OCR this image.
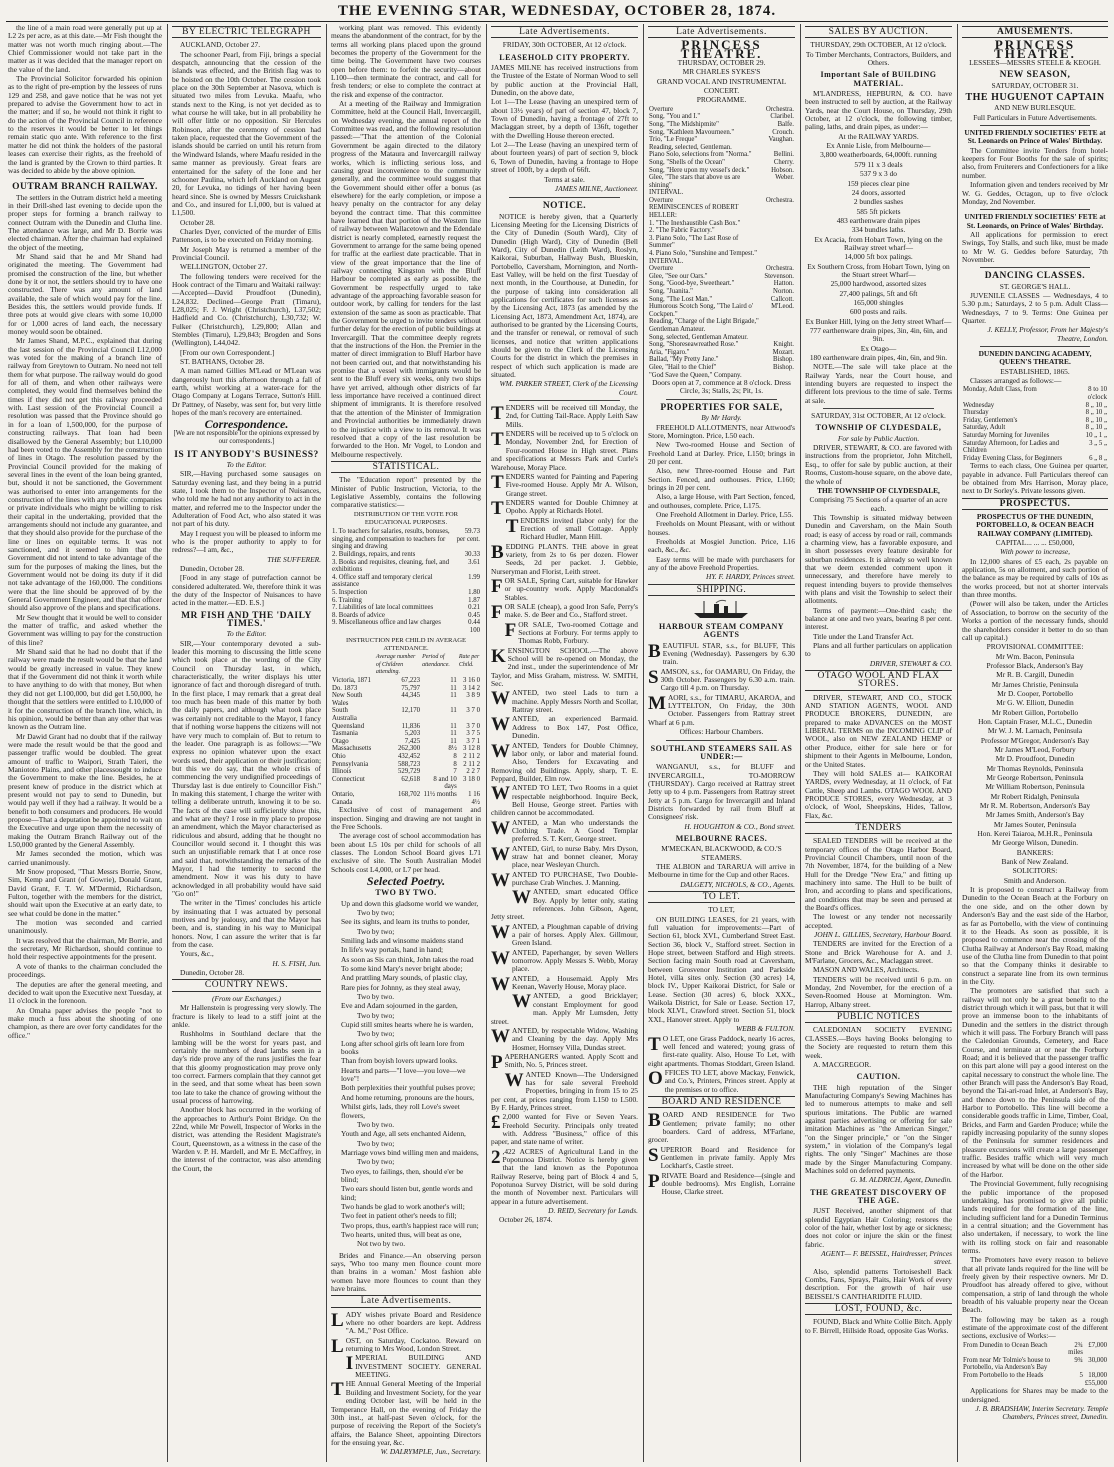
THE EVENING STAR, WEDNESDAY, OCTOBER 28, 1874.

the line of a main road were generally put up at L2 2s per acre, as at this date.—Mr Fish thought the matter was not worth much ringing about.—The Chief Commissioner would not take part in the matter as it was decided that the manager report on the value of the land.

The Provincial Solicitor forwarded his opinion as to the right of pre-emption by the lessees of runs 129 and 258, and gave notice that he was not yet prepared to advise the Government how to act in the matter; and if so, he would not think it right to do the action of the Provincial Council in reference to the reserves it would be better to let things remain static quo ante. With reference to the first matter he did not think the holders of the pastoral leases can exercise their rights, as the freehold of the land is granted by the Crown to third parties. It was decided to abide by the above opinion.

OUTRAM BRANCH RAILWAY.

The settlers in the Outram district held a meeting in their Drill-shed last evening to decide upon the proper steps for forming a branch railway to connect Outram with the Dunedin and Clutha line. The attendance was large, and Mr D. Borrie was elected chairman. After the chairman had explained the object of the meeting,

Mr Shand said that he and Mr Shand had originated the meeting. The Government had promised the construction of the line, but whether done by it or not, the settlers should try to have one constructed. There was any amount of land available, the sale of which would pay for the line. Besides this, the settlers would provide funds. If three pots at would give clears with some 10,000 for or 1,000 acres of land each, the necessary money would soon be obtained.

Mr James Shand, M.P.C., explained that during the last session of the Provincial Council L12,000 was voted for the making of a branch line of railway from Greytown to Outram. No need not tell them for what purpose. The railway would do good for all of them, and when other railways were completed, they would find themselves behind the times if they did not get this railway proceeded with. Last session of the Provincial Council a resolution was passed that the Province should go in for a loan of 1,500,000, for the purpose of constructing railways. That loan had been disallowed by the General Assembly; but L10,000 had been voted to the Assembly for the construction of lines in Otago. The resolution passed by the Provincial Council provided for the making of several lines in the event of the loan being granted, but, should it not be sanctioned, the Government was authorised to enter into arrangements for the construction of the lines with any public companies or private individuals who might be willing to risk their capital in the undertaking, provided that the arrangements should not include any guarantee, and that they should also provide for the purchase of the line or lines on equitable terms. It was not sanctioned, and it seemed to him that the Government did not intend to take advantage of the sum for the purposes of making the lines, but the Government would not be doing its duty if it did not take advantage of the 160,000. The conditions were that the line should be approved of by the General Government Engineer, and that that officer should also approve of the plans and specifications.

Mr Sew thought that it would be well to consider the matter of traffic, and asked whether the Government was willing to pay for the construction of this line?

Mr Shand said that he had no doubt that if the railway were made the result would be that the land would be greatly increased in value. They knew that if the Government did not think it worth while to have anything to do with that money, But when they did not get L100,000, but did get L50,000, he thought that the settlers were entitled to L10,000 of it for the construction of the branch line, which, in his opinion, would be better than any other that was known as the Outram line.

Mr Dawid Grant had no doubt that if the railway were made the result would be that the good and passenger traffic would be doubled. The great amount of traffic to Waipori, Strath Taieri, the Maniototo Plains, and other placessought to induce the Government to make the line. Besides, he at present knew of produce in the district which at present would not pay to send to Dunedin, but would pay well if they had a railway. It would be a benefit to both consumers and producers. He would propose—That a deputation be appointed to wait on the Executive and urge upon them the necessity of making the Outram Branch Railway out of the L50,000 granted by the General Assembly.

Mr James seconded the motion, which was carried unanimously.

Mr Snow proposed, "That Messrs Borrie, Snow, Sim, Kemp and Grant (of Gowrie), Donald Grant, David Grant, F. T. W. M'Dermid, Richardson, Fulton, together with the members for the district, should wait upon the Executive at an early date, to see what could be done in the matter."

The motion was seconded and carried unanimously.

It was resolved that the chairman, Mr Borrie, and the secretary, Mr Richardson, should continue to hold their respective appointments for the present.

A vote of thanks to the chairman concluded the proceedings.

The deputies are after the general meeting, and decided to wait upon the Executive next Tuesday, at 11 o'clock in the forenoon.

An Omaha paper advises the people "not to make much a fuss about the shooting of one champion, as there are over forty candidates for the office."

BY ELECTRIC TELEGRAPH

AUCKLAND, October 27.

The schooner Pearl, from Fiji, brings a special despatch, announcing that the cession of the islands was effected, and the British flag was to be hoisted on the 10th October. The cession took place on the 30th September at Nasova, which is situated two miles from Levuka. Maafu, who stands next to the King, is not yet decided as to what course he will take, but in all probability he will offer little or no opposition. Sir Hercules Robinson, after the ceremony of cession had taken place, requested that the Government of the islands should be carried on until his return from the Windward Islands, where Maafu resided in the same manner as previously. Great fears are entertained for the safety of the Ione and her schooner Paulina, which left Auckland on August 20, for Levuka, no tidings of her having been heard since. She is owned by Messrs Cruickshank and Co., and insured for L1,000, but is valued at L1,500.

October 28.

Charles Dyer, convicted of the murder of Ellis Pattenson, is to be executed on Friday morning.

Mr Joseph May is returned a member of the Provincial Council.

WELLINGTON, October 27.

The following tenders were received for the Hook contract of the Timaru and Waitaki railway:—Accepted—David Proudfoot (Dunedin), L24,832. Declined—George Pratt (Timaru), L28,025; F. J. Wright (Christchurch), L37,502; Hadfield and Co. (Christchurch), L30,732; W. Fulker (Christchurch), L29,800; Allan and Stembles (Timaru), L29,843; Brogden and Sons (Wellington), L44,042.

[From our own Correspondent.]

ST. BATHANS, October 28.

A man named Gillies M'Lead or M'Lean was dangerously hurt this afternoon through a fall of earth, whilst working at a water-race for the Otago Company at Logans Terrace, Sutton's Hill. Dr Pattney, of Naseby, was sent for, but very little hopes of the man's recovery are entertained.

Correspondence.

[We are not responsible for the opinions expressed by our correspondents.]

IS IT ANYBODY'S BUSINESS?

To the Editor.

SIR,—Having purchased some sausages on Saturday evening last, and they being in a putrid state, I took them to the Inspector of Nuisances, who told me he had not any authority to act in the matter, and referred me to the Inspector under the Adulteration of Food Act, who also stated it was not part of his duty.

May I request you will be pleased to inform me who is the proper authority to apply to for redress?—I am, &c.,

THE SUFFERER.

Dunedin, October 28.

[Food in any stage of putrefaction cannot be considered adulterated. We, therefore think it was the duty of the Inspector of Nuisances to have acted in the matter.—ED. E.S.]

MR FISH AND THE 'DAILY TIMES.'

To the Editor.

SIR,—Your contemporary devoted a sub-leader this morning to discussing the little scene which took place at the wording of the City Council on Thursday last, in which, characteristically, the writer displays his utter ignorance of fact and thorough disregard of truth. In the first place, I may remark that a great deal too much has been made of this matter by both the daily papers, and although what took place was certainly not creditable to the Mayor, I fancy that if nothing worse happens the citizens will not have very much to complain of. But to return to the leader. One paragraph is as follows:—"We express no opinion whatever upon the exact words used, their application or their justification; but this we do say, that the whole crisis of commencing the very undignified proceedings of Thursday last is due entirely to Councillor Fish." In making this statement, I charge the writer with telling a deliberate untruth, knowing it to be so. The facts of the case will sufficiently show this, and what are they? I rose in my place to propose an amendment, which the Mayor characterised as ridiculous and absurd, adding that he thought no Councillor would second it. I thought this was such an unjustifiable remark that I at once rose and said that, notwithstanding the remarks of the Mayor, I had the temerity to second the amendment. Now it was his duty to have acknowledged in all probability would have said "Go on!"

The writer in the 'Times' concludes his article by insinuating that I was actuated by personal motives and by jealousy, and that the Mayor has been, and is, standing in his way to Municipal honors. Now, I can assure the writer that is far from the case.

Yours, &c.,

H. S. FISH, Jun.

Dunedin, October 28.

COUNTRY NEWS.

(From our Exchanges.)

Mr Hallenstein is progressing very slowly. The fracture is likely to lead to a stiff joint at the ankle.

Rushholms in Southland declare that the lambing will be the worst for years past, and certainly the numbers of dead lambs seen in a day's ride prove any of the runs justifies the fear that this gloomy prognostication may prove only too correct. Farmers complain that they cannot get in the seed, and that some wheat has been sown too late to take the chance of growing without the usual process of harrowing.

Another block has occurred in the working of the approaches to Arthur's Point Bridge. On the 22nd, while Mr Powell, Inspector of Works in the district, was attending the Resident Magistrate's Court, Queenstown, as a witness in the case of the Warden v. P. H. Mardell, and Mr E. McCaffrey, in the interest of the contractor, was also attending the Court, the

working plant was removed. This evidently means the abandonment of the contract, for by the terms all working plans placed upon the ground becomes the property of the Government for the time being. The Government have two courses open before them: to forfeit the security—about L100—then terminate the contract, and call for fresh tenders; or else to complete the contract at the risk and expense of the contractor.

At a meeting of the Railway and Immigration Committee, held at the Council Hall, Invercargill, on Wednesday evening, the annual report of the Committee was read, and the following resolution passed:—"That the attention of the Colonial Government be again directed to the dilatory progress of the Mataura and Invercargill railway works, which is inflicting serious loss, and causing great inconvenience to the community generally, and the committee would suggest that the Government should either offer a bonus (as elsewhere) for the early completion, or impose a heavy penalty on the contractor for any delay beyond the contract time. That this committee have learned that that portion of the Western line of railway between Wallacetown and the Edendale district is nearly completed, earnestly request the Government to arrange for the same being opened for traffic at the earliest date practicable. That in view of the great importance that the line of railway connecting Kingston with the Bluff Harbour be completed as early as possible, the Government be respectfully urged to take advantage of the approaching favorable season for outdoor work, by calling for tenders for the last extension of the same as soon as practicable. That the Government be urged to invite tenders without further delay for the erection of public buildings at Invercargill. That the committee deeply regrets that the instructions of the Hon. the Premier in the matter of direct immigration to Bluff Harbor have not been carried out, and that notwithstanding his promise that a vessel with immigrants would be sent to the Bluff every six weeks, only two ships have yet arrived, although other districts of far less importance have received a continued direct shipment of immigrants. It is therefore resolved that the attention of the Minister of Immigration and Provincial authorities be immediately drawn to the injustice with a view to its removal. It was resolved that a copy of the last resolution be forwarded to the Hon. Mr Vogel, to London and Melbourne respectively.

STATISTICAL.

The "Education report" presented by the Minister of Public Instruction, Victoria, to the Legislative Assembly, contains the following comparative statistics:—

DISTRIBUTION OF THE VOTE FOR EDUCATIONAL PURPOSES.

1. To teachers for salaries, results, bonuses, singing, and compensation to teachers for singing and drawing	59.73 per cent.
2. Buildings, repairs, and rents	30.33
3. Books and requisites, cleaning, fuel, and exhibitions	3.61
4. Office staff and temporary clerical assistance	1.99
5. Inspection	1.80
6. Training	1.87
7. Liabilities of late local committees	0.21
8. Boards of advice	0.45
9. Miscellaneous office and law charges	0.44
	100

INSTRUCTION PER CHILD IN AVERAGE ATTENDANCE.

	Average number of Children attending.	Period of attendance.	Rate per Child.
Victoria, 1871	67,223	11	3 16 0
Do. 1873	75,797	11	3 14 2
New South Wales	44,345	11	3 8 9
South Australia	12,170	11	3 7 0
Queensland	11,836	11	3 7 0
Tasmania	5,203	11	3 7 5
Otago	7,425	11	3 7 1
Massachusetts	262,300	8½	3 12 8
Ohio	432,452	8	2 11 2
Pennsylvania	588,723	8	2 11 2
Illinois	529,729	7	2 2 7
Connecticut	62,618	8 and 10 days	3 18 0
Ontario, Canada	168,702	11½ months	1 16 4½

Exclusive of cost of management and inspection. Singing and drawing are not taught in the Free Schools.

The average cost of school accommodation has been about L5 10s per child for schools of all classes. The London School Board gives L71 exclusive of site. The South Australian Model Schools cost L4,000, or L7 per head.

Selected Poetry.
TWO BY TWO.

Up and down this gladsome world we wander,

Two by two;

See its sights, and learn its truths to ponder,

Two by two;

Smiling lads and winsome maidens stand

In life's way portals, hand in hand;

As soon as Sis can think, John takes the road

To some kind Mary's never bright abode;

And prattling Mary sounds, of plastic clay,

Rare pies for Johnny, as they steal away,

Two by two.

Eve and Adam sojourned in the garden,

Two by two;

Cupid still smites hearts where he is warden,

Two by two;

Long after school girls oft learn lore from books

Than from boyish lovers upward looks.

Hearts and parts—"I love—you love—we love"!

Both perplexities their youthful pulses prove;

And home returning, pronouns are the hours,

Whilst girls, lads, they roll Love's sweet flowers,

Two by two.

Youth and Age, all sets enchanted Aidenn,

Two by two;

Marriage vows bind willing men and maidens,

Two by two;

Two eyes, to failings, then, should e'er be blind;

Two ears should listen but, gentle words and kind;

Two hands be glad to work another's will;

Two feet in patient other's needs to fill;

Two props, thus, earth's happiest race will run;

Two hearts, united thus, will beat as one,

Not two by two.

Brides and Finance.—An observing person says, 'Who too many men flounce count more than brains in a woman.' Most fashion able women have more flounces to count than they have brains.

Late Advertisements.

LADY wishes private Board and Residence where no other boarders are kept. Address "A. M.," Post Office.

LOST, on Saturday, Cockatoo. Reward on returning to Mrs Wood, London Street.

IMPERIAL BUILDING AND INVESTMENT SOCIETY. GENERAL MEETING.

THE Annual General Meeting of the Imperial Building and Investment Society, for the year ending October last, will be held in the Temperance Hall, on the evening of Friday the 30th inst., at half-past Seven o'clock, for the purpose of receiving the Report of the Society's affairs, the Balance Sheet, appointing Directors for the ensuing year, &c.

W. DALRYMPLE, Jun., Secretary.

Late Advertisements.

FRIDAY, 30th OCTOBER, At 12 o'clock.

LEASEHOLD CITY PROPERTY.

JAMES MILNE has received instructions from the Trustee of the Estate of Norman Wood to sell by public auction at the Provincial Hall, Dunedin, on the above date,

Lot 1—The Lease (having an unexpired term of about 13½ years) of part of section 47, block 7, Town of Dunedin, having a frontage of 27ft to Maclaggan street, by a depth of 136ft, together with the Dwelling House thereon erected.

Lot 2—The Lease (having an unexpired term of about fourteen years) of part of section 9, block 6, Town of Dunedin, having a frontage to Hope street of 100ft, by a depth of 66ft.

Terms at sale.

JAMES MILNE, Auctioneer.

NOTICE.

NOTICE is hereby given, that a Quarterly Licensing Meeting for the Licensing Districts of the City of Dunedin (South Ward), City of Dunedin (High Ward), City of Dunedin (Bell Ward), City of Dunedin (Leith Ward), Roslyn, Kaikorai, Suburban, Hallway Bush, Blueskin, Portobello, Caversham, Mornington, and North-East Valley, will be held on the first Tuesday of next month, in the Courthouse, at Dunedin, for the purpose of taking into consideration all applications for certificates for such licenses as by the Licensing Act, 1873 (as amended by the Licensing Act, 1873, Amendment Act, 1874), are authorised to be granted by the Licensing Courts, and the transfer or renewal, or removal of such licenses, and notice that written applications should be given to the Clerk of the Licensing Courts for the district in which the premises in respect of which such application is made are situated.

WM. PARKER STREET, Clerk of the Licensing Court.

TENDERS will be received till Monday, the 2nd, for Cutting Tail-Race. Apply Leith Saw Mills.

TENDERS will be received up to 5 o'clock on Monday, November 2nd, for Erection of Four-roomed House in High street. Plans and specifications at Messrs Park and Curle's Warehouse, Moray Place.

TENDERS wanted for Painting and Papering Five-roomed House. Apply Mr A. Wilson, Grange street.

TENDERS wanted for Double Chimney at Opoho. Apply at Richards Hotel.

TENDERS invited (labor only) for the Erection of small Cottage. Apply Richard Hudler, Mann Hill.

BEDDING PLANTS. THE above in great variety, from 2s to 6s per dozen. Flower Seeds, 2d per packet. J. Gebbie, Nurseryman and Florist, Leith street.

FOR SALE, Spring Cart, suitable for Hawker or up-country work. Apply Macdonald's Stables.

FOR SALE (cheap), a good Iron Safe, Perry's make. S. de Beer and Co., Stafford street.

FOR SALE, Two-roomed Cottage and Sections at Forbury. For terms apply to Thomas Robb, Forbury.

KENSINGTON SCHOOL.—The above School will be re-opened on Monday, the 2nd inst., under the superintendence of Mr Taylor, and Miss Graham, mistress. W. SMITH, Sec.

WANTED, two steel Lads to turn a machine. Apply Messrs North and Scollar, Rattray street.

WANTED, an experienced Barmaid. Address to Box 147, Post Office, Dunedin.

WANTED, Tenders for Double Chimney, labor only, or labor and material found. Also, Tenders for Excavating and Removing old Buildings. Apply, sharp, T. E. Peppard, Builder, Elm row.

WANTED TO LET, Two Rooms in a quiet respectable neighborhood. Inquire Beck, Bell House, George street. Parties with children cannot be accommodated.

WANTED, a Man who understands the Clothing Trade. A Good Templar preferred. S. T. Kerr, George street.

WANTED, Girl, to nurse Baby. Mrs Dyson, straw hat and bonnet cleaner, Moray place, near Wesleyan Church.

WANTED TO PURCHASE, Two Double-purchase Crab Winches. J. Manning.

WANTED, smart educated Office Boy. Apply by letter only, stating references. John Gibson, Agent, Jetty street.

WANTED, a Ploughman capable of driving a pair of horses. Apply Alex. Gillmour, Green Island.

WANTED, Paperhanger, by seven Wellers tomorrow. Apply Messrs S. Webb, Moray place.

WANTED, a Housemaid. Apply Mrs Keenan, Waverly House, Moray place.

WANTED, a good Bricklayer; constant Employment for good man. Apply Mr Lumsden, Jetty street.

WANTED, by respectable Widow, Washing and Cleaning by the day. Apply Mrs Hosmer, Hornsey Villa, Dundas street.

PAPERHANGERS wanted. Apply Scott and Smith, No. 5, Princes street.

WANTED Known—The Undersigned has for sale several Freehold Properties, bringing in from 15 to 25 per cent, at prices ranging from L150 to L500. By F. Hardy, Princes street.

£ 2,000 wanted for Five or Seven Years. Freehold Security. Principals only treated with. Address "Business," office of this paper, and state name of writer.

2 ,422 ACRES of Agricultural Land in the Popotunoa District. Notice is hereby given that the land known as the Popotunoa Railway Reserve, being part of Block 4 and 5, Popotunoa Survey District, will be sold during the month of November next. Particulars will appear in a future advertisement.

D. REID, Secretary for Lands.

October 26, 1874.

Late Advertisements.
PRINCESS THEATRE.

THURSDAY, OCTOBER 29.

MR CHARLES SYKES'S

GRAND VOCAL AND INSTRUMENTAL

CONCERT.

PROGRAMME.

Overture	Orchestra.
Song, "You and I."	Claribel.
Song, "The Midshipmite"	Balfe.
Song, "Kathleen Mavourneen."	Crouch.
Trio, "Le Freque"	Vaughan.
Reading, selected, Gentleman.	
Piano Solo, selections from "Norma."	Bellini.
Song, "Shells of the Ocean"	Cherry.
Song, "Here upon my vessel's deck."	Hobson.
Glee, "The stars that above us are shining"	Weber.
INTERVAL.	
Overture	Orchestra.
REMINISCENCES of ROBERT HELLER:	
1. "The Inexhaustible Cash Box."	
2. "The Fabric Factory."	
3. Piano Solo, "The Last Rose of Summer"	
4. Piano Solo, "Sunshine and Tempest."	
INTERVAL.	
Overture	Orchestra.
Glee, "See our Oars."	Stevenson.
Song, "Good-bye, Sweetheart."	Hatton.
Song, "Juanita."	Norton.
Song, "The Lost Man."	Callcott.
Humorous Scotch Song, "The Laird o' Cockpen."	M'Leod.
Reading, "Charge of the Light Brigade," Gentleman Amateur.	
Song, selected, Gentleman Amateur.	
Song, "Shoreseawreathed Rose."	Knight.
Aria, "Figaro."	Mozart.
Ballad, "My Pretty Jane."	Bishop.
Glee, "Hail to the Chief"	Bishop.
"God Save the Queen," Company.	

Doors open at 7, commence at 8 o'clock. Dress Circle, 3s; Stalls, 2s; Pit, 1s.

PROPERTIES FOR SALE,

By Mr Hardy.

FREEHOLD ALLOTMENTS, near Attwood's Store, Mornington. Price, L50 each.

New Two-roomed House and Section of Freehold Land at Darley. Price, L150; brings in 20 per cent.

Also, new Three-roomed House and Part Section. Fenced, and outhouses. Price, L160; brings in 20 per cent.

Also, a large House, with Part Section, fenced, and outhouses, complete. Price, L175.

One Freehold Allotment in Darley. Price, L55.

Freeholds on Mount Pleasant, with or without houses.

Freeholds at Mosgiel Junction. Price, L16 each, &c., &c.

Easy terms will be made with purchasers for any of the above Freehold Properties.

HY. F. HARDY, Princes street.

SHIPPING.
HARBOUR STEAM COMPANY AGENTS

BEAUTIFUL STAR, s.s., for BLUFF, This Evening (Wednesday). Passengers by 6.30 train.

SAMSON, s.s., for OAMARU, On Friday, the 30th October. Passengers by 6.30 a.m. train. Cargo till 4 p.m. on Thursday.

MAORI, s.s., for TIMARU, AKAROA, and LYTTELTON, On Friday, the 30th October. Passengers from Rattray street Wharf at 6 p.m.

Offices: Harbour Chambers.

SOUTHLAND STEAMERS SAIL AS UNDER:—

WANGANUI, s.s., for BLUFF and INVERCARGILL, TO-MORROW (THURSDAY). Cargo received at Rattray street Jetty up to 4 p.m. Passengers from Rattray street Jetty at 5 p.m. Cargo for Invercargill and Inland Districts forwarded by rail from Bluff at Consignees' risk.

H. HOUGHTON & CO., Bond street.

MELBOURNE RACES.

M'MECKAN, BLACKWOOD, & CO.'S STEAMERS.

THE ALBION and TARARUA will arrive in Melbourne in time for the Cup and other Races.

DALGETY, NICHOLS, & CO., Agents.

TO LET.

TO LET,

ON BUILDING LEASES, for 21 years, with full valuation for improvements:—Part of Section 61, block XVI., Cumberland Street East. Section 36, block V., Stafford street. Section in Hope street, between Stafford and High streets. Section facing main South road at Caversham, between Grosvenor Institution and Parkside Hotel, villa sites only. Section (30 acres) 14, block IV., Upper Kaikorai District, for Sale or Lease. Section (30 acres) 6, block XXX., Waikola District, for Sale or Lease. Section 17, block XLVI., Crawford street. Section 51, block XXI., Hanover street. Apply to

WEBB & FULTON.

T O LET, one Grass Paddock, nearly 16 acres, well fenced and watered; young grass of first-rate quality. Also, House To Let, with eight apartments. Thomas Stoddart, Green Island.

OFFICES TO LET, above Mackay, Fenwick, and Co.'s, Printers, Princes street. Apply at the premises or to office.

BOARD AND RESIDENCE

BOARD AND RESIDENCE for Two Gentlemen; private family; no other boarders. Card of address, M'Farlane, grocer.

SUPERIOR Board and Residence for Gentlemen in private family. Apply Mrs Lockhart's, Castle street.

PRIVATE Board and Residence—(single and double bedrooms). Mrs English, Lorraine House, Clarke street.

SALES BY AUCTION.

THURSDAY, 29th OCTOBER, At 12 o'clock.

To Timber Merchants, Contractors, Builders, and Others.

Important Sale of BUILDING MATERIAL.

M'LANDRESS, HEPBURN, & CO. have been instructed to sell by auction, at the Railway Yards, near the Court House, on Thursday, 29th October, at 12 o'clock, the following timber, paling, laths, and drain pipes, as under:—

At the RAILWAY YARDS.

Ex Annie Lisle, from Melbourne—

3,800 weatherboards, 64,000ft. running

579 11 x 3 deals

537 9 x 3 do

159 pieces clear pine

24 doors, assorted

2 bundles sashes

585 5ft pickets

483 earthenware drain pipes

334 bundles laths.

Ex Acacia, from Hobart Town, lying on the Railway street wharf—

14,000 5ft box palings.

Ex Southern Cross, from Hobart Town, lying on the Stuart street Wharf—

25,000 hardwood, assorted sizes

27,400 palings, 5ft and 6ft

165,000 shingles

600 posts and rails.

Ex Bunker Hill, lying on the Jetty street Wharf—

777 earthenware drain pipes, 3in, 4in, 6in, and 9in.

Ex Otago—

180 earthenware drain pipes, 4in, 6in, and 9in.

NOTE.—The sale will take place at the Railway Yards, near the Court house, and intending buyers are requested to inspect the different lots previous to the time of sale. Terms at sale.

SATURDAY, 31st OCTOBER, At 12 o'clock.

TOWNSHIP OF CLYDESDALE,

For sale by Public Auction.

DRIVER, STEWART, & CO. are favored with instructions from the proprietor, John Mitchell, Esq., to offer for sale by public auction, at their Rooms, Custom-house square, on the above date, the whole of

THE TOWNSHIP OF CLYDESDALE,

Comprising 75 Sections of a quarter of an acre each.

This Township is situated midway between Dunedin and Caversham, on the Main South road; is easy of access by road or rail, commands a charming view, has a favorable exposure, and in short possesses every feature desirable for suburban residences. It is already so well known that we deem extended comment upon it unnecessary, and therefore have merely to request intending buyers to provide themselves with plans and visit the Township to select their allotments.

Terms of payment:—One-third cash; the balance at one and two years, bearing 8 per cent. interest.

Title under the Land Transfer Act.

Plans and all further particulars on application to

DRIVER, STEWART & CO.

OTAGO WOOL AND FLAX STORES.

DRIVER, STEWART, AND CO., STOCK AND STATION AGENTS, WOOL AND PRODUCE BROKERS, DUNEDIN, are prepared to make ADVANCES on the MOST LIBERAL TERMS on the INCOMING CLIP of WOOL, also on NEW ZEALAND HEMP or other Produce, either for sale here or for shipment to their Agents in Melbourne, London, or the United States.

They will hold SALES at— KAIKORAI YARDS, every Wednesday, at 11 o'clock, of Fat Cattle, Sheep and Lambs. OTAGO WOOL AND PRODUCE STORES, every Wednesday, at 3 o'clock, of Wool, Sheepskins, Hides, Tallow, Flax, &c.

TENDERS

SEALED TENDERS will be received at the temporary offices of the Otago Harbor Board, Provincial Council Chambers, until noon of the 7th November, 1874, for the building of a New Hull for the Dredge "New Era," and fitting up machinery into same. The Hull to be built of Iron, and according to plans and specifications, and conditions that may be seen and perused at the Board's offices.

The lowest or any tender not necessarily accepted.

JOHN L. GILLIES, Secretary, Harbour Board.

TENDERS are invited for the Erection of a Stone and Brick Warehouse for A. and J. M'Farlane, Grocers, &c., Maclaggan street.

MASON AND WALES, Architects.

TENDERS will be received until 6 p.m. on Monday, 2nd November, for the erection of a Seven-Roomed House at Mornington. Wm. Harrop, Albany street.

PUBLIC NOTICES

CALEDONIAN SOCIETY EVENING CLASSES.—Boys having Books belonging to the Society are requested to return them this week.

A. MACGREGOR.

CAUTION.

THE high reputation of the Singer Manufacturing Company's Sewing Machines has led to numerous attempts to make and sell spurious imitations. The Public are warned against parties advertising or offering for sale imitation Machines as "the American Singer," "on the Singer principle," or "on the Singer system," in violation of the Company's legal rights. The only "Singer" Machines are those made by the Singer Manufacturing Company. Machines sold on deferred payments.

G. M. ALDRICH, Agent, Dunedin.

THE GREATEST DISCOVERY OF THE AGE.

JUST Received, another shipment of that splendid Egyptian Hair Coloring; restores the color of the hair, whether lost by age or sickness; does not color or injure the skin or the finest fabric.

AGENT— F. BEISSEL, Hairdresser, Princes street.

Also, splendid patterns Tortoiseshell Back Combs, Fans, Sprays, Plaits, Hair Work of every description. For the growth of hair use BEISSEL'S CANTHARIDITE FLUID.

LOST, FOUND, &c.

FOUND, Black and White Collie Bitch. Apply to F. Birrell, Hillside Road, opposite Gas Works.

AMUSEMENTS.
PRINCESS THEATRE.

LESSEES—MESSRS STEELE & KEOGH.

NEW SEASON,

SATURDAY, OCTOBER 31.

THE HUGUENOT CAPTAIN

AND NEW BURLESQUE.

Full Particulars in Future Advertisements.

UNITED FRIENDLY SOCIETIES' FETE at St. Leonards on Prince of Wales' Birthday.

The Committee invite Tenders from hotel-keepers for Four Booths for the sale of spirits; also, from Fruiterers and Confectioners for a like number.

Information given and tenders received by Mr W. G. Geddes, Octagon, up to five o'clock Monday, 2nd November.

UNITED FRIENDLY SOCIETIES' FETE at St. Leonards, on Prince of Wales' Birthday.

All applications for permission to erect Swings, Toy Stalls, and such like, must be made to Mr W. G. Geddes before Saturday, 7th November.

DANCING CLASSES.

ST. GEORGE'S HALL.

JUVENILE CLASSES — Wednesdays, 4 to 5.30 p.m.; Saturdays, 2 to 5 p.m. Adult Class—Wednesdays, 7 to 9. Terms: One Guinea per Quarter.

J. KELLY, Professor, From her Majesty's Theatre, London.

DUNEDIN DANCING ACADEMY, QUEEN'S THEATRE.

ESTABLISHED, 1865.

Classes arranged as follows:—

Monday, Adult Class, from	8 to 10 o'clock
Wednesday	8 „ 10 „
Thursday	8 „ 10 „
Friday, Gentlemen's	8 „ 10 „
Saturday, Adult	8 „ 10 „
Saturday Morning for Juveniles	10 „ 1 „
Saturday Afternoon, for Ladies and Children	3 „ 5 „
Friday Evening Class, for Beginners	6 „ 8 „

Terms to each class, One Guinea per quarter, payable in advance. Full Particulars thereof can be obtained from Mrs Harrison, Moray place, next to Dr Sorley's. Private lessons given.

PROSPECTUS.

PROSPECTUS OF THE DUNEDIN, PORTOBELLO, & OCEAN BEACH RAILWAY COMPANY (LIMITED).

CAPITAL... ... ... £50,000,

With power to increase,

In 12,000 shares of £5 each, 2s payable on application, 5s on allotment, and such portion of the balance as may be required by calls of 10s as the works proceed, but not at shorter intervals than three months.

(Power will also be taken, under the Articles of Association, to borrow on the security of the Works a portion of the necessary funds, should the shareholders consider it better to do so than call up capital.)

PROVISIONAL COMMITTEE:

Mr Wm. Bacon, Peninsula

Professor Black, Anderson's Bay

Mr R. B. Cargill, Dunedin

Mr James Christie, Peninsula

Mr D. Cooper, Portobello

Mr G. W. Elliott, Dunedin

Mr Robert Gillon, Portobello

Hon. Captain Fraser, M.L.C., Dunedin

Mr W. J. M. Larnach, Peninsula

Professor M'Gregor, Anderson's Bay

Mr James M'Leod, Forbury

Mr D. Proudfoot, Dunedin

Mr Thomas Reynolds, Peninsula

Mr George Robertson, Peninsula

Mr William Robertson, Peninsula

Mr Robert Ridalgh, Peninsula

Mr R. M. Robertson, Anderson's Bay

Mr James Smith, Anderson's Bay

Mr James Souter, Peninsula

Hon. Kerei Taiaroa, M.H.R., Peninsula

Mr George Wilson, Dunedin.

BANKERS:

Bank of New Zealand.

SOLICITORS:

Smith and Anderson.

It is proposed to construct a Railway from Dunedin to the Ocean Beach at the Forbury on the one side, and on the other down by Anderson's Bay and the east side of the Harbor, as far as Portobello, with the view of continuing it to the Heads. As soon as possible, it is proposed to commence near the crossing of the Clutha Railway at Anderson's Bay Road, making use of the Clutha line from Dunedin to that point so that the Company thinks it desirable to construct a separate line from its own terminus in the City.

The promoters are satisfied that such a railway will not only be a great benefit to the district through which it will pass, but that it will prove an immense boon to the inhabitants of Dunedin and the settlers in the district through which it will pass. The Forbury Branch will pass the Caledonian Grounds, Cemetery, and Race Course, and terminate at or near the Forbury Road; and it is believed that the passenger traffic on this part alone will pay a good interest on the capital necessary to construct the whole line. The other Branch will pass the Anderson's Bay Road, beyond the Tai-ari-road Inlet, at Anderson's Bay, and thence down to the Peninsula side of the Harbor to Portobello. This line will become a considerable goods traffic in Lime, Timber, Coal, Bricks, and Farm and Garden Produce; while the rapidly increasing popularity of the sunny slopes of the Peninsula for summer residences and pleasure excursions will create a large passenger traffic. Besides traffic which will very much increased by what will be done on the other side of the Harbor.

The Provincial Government, fully recognising the public importance of the proposed undertaking, has promised to give all public lands required for the formation of the line, including sufficient land for a Dunedin Terminus in a central situation; and the Government has also undertaken, if necessary, to work the line with its rolling stock on fair and reasonable terms.

The Promoters have every reason to believe that all private lands required for the line will be freely given by their respective owners. Mr D. Proudfoot has already offered to give, without compensation, a strip of land through the whole breadth of his valuable property near the Ocean Beach.

The following may be taken as a rough estimate of the approximate cost of the different sections, exclusive of Works:—

From Dunedin to Ocean Beach	2¾ miles	£7,000
From near Mr Tolmie's house to Portobello, via Anderson's Bay	9¾	30,000
From Portobello to the Heads	5	18,000
		£55,000

Applications for Shares may be made to the undersigned.

J. B. BRADSHAW, Interim Secretary. Temple Chambers, Princes street, Dunedin.
